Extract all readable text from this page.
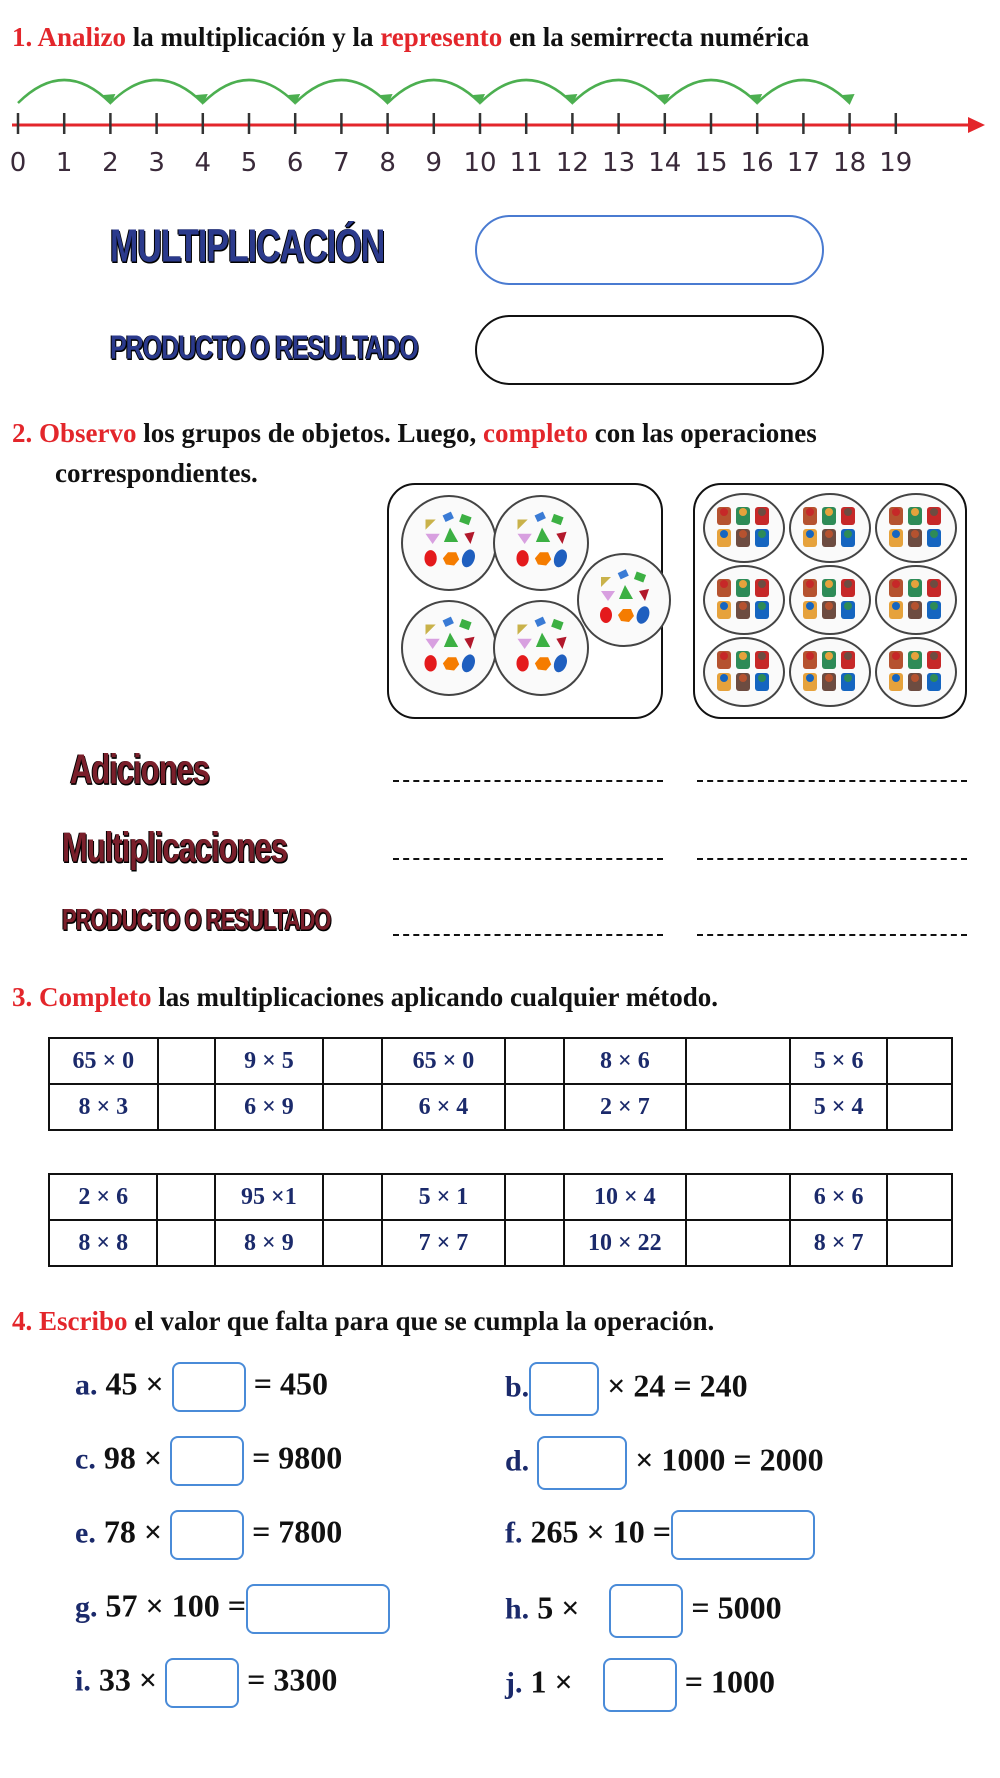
1. Analizo la multiplicación y la represento en la semirrecta numérica
0 1 2 3 4 5 6 7 8 9 10 11 12 13 14 15 16 17 18 19
MULTIPLICACIÓN
PRODUCTO O RESULTADO
2. Observo los grupos de objetos. Luego, completo con las operaciones
correspondientes.
Adiciones
Multiplicaciones
PRODUCTO O RESULTADO
3. Completo las multiplicaciones aplicando cualquier método.
65 × 0		9 × 5		65 × 0		8 × 6		5 × 6	
8 × 3		6 × 9		6 × 4		2 × 7		5 × 4	
2 × 6		95 ×1		5 × 1		10 × 4		6 × 6	
8 × 8		8 × 9		7 × 7		10 × 22		8 × 7	
4. Escribo el valor que falta para que se cumpla la operación.
a. 45 ×	= 450	b. × 24 = 240
c. 98 ×	= 9800	d.	× 1000 = 2000
e. 78 ×	= 7800	f. 265 × 10 =
g. 57 × 100 =	h. 5 ×	= 5000
i. 33 ×	= 3300	j. 1 ×	= 1000
